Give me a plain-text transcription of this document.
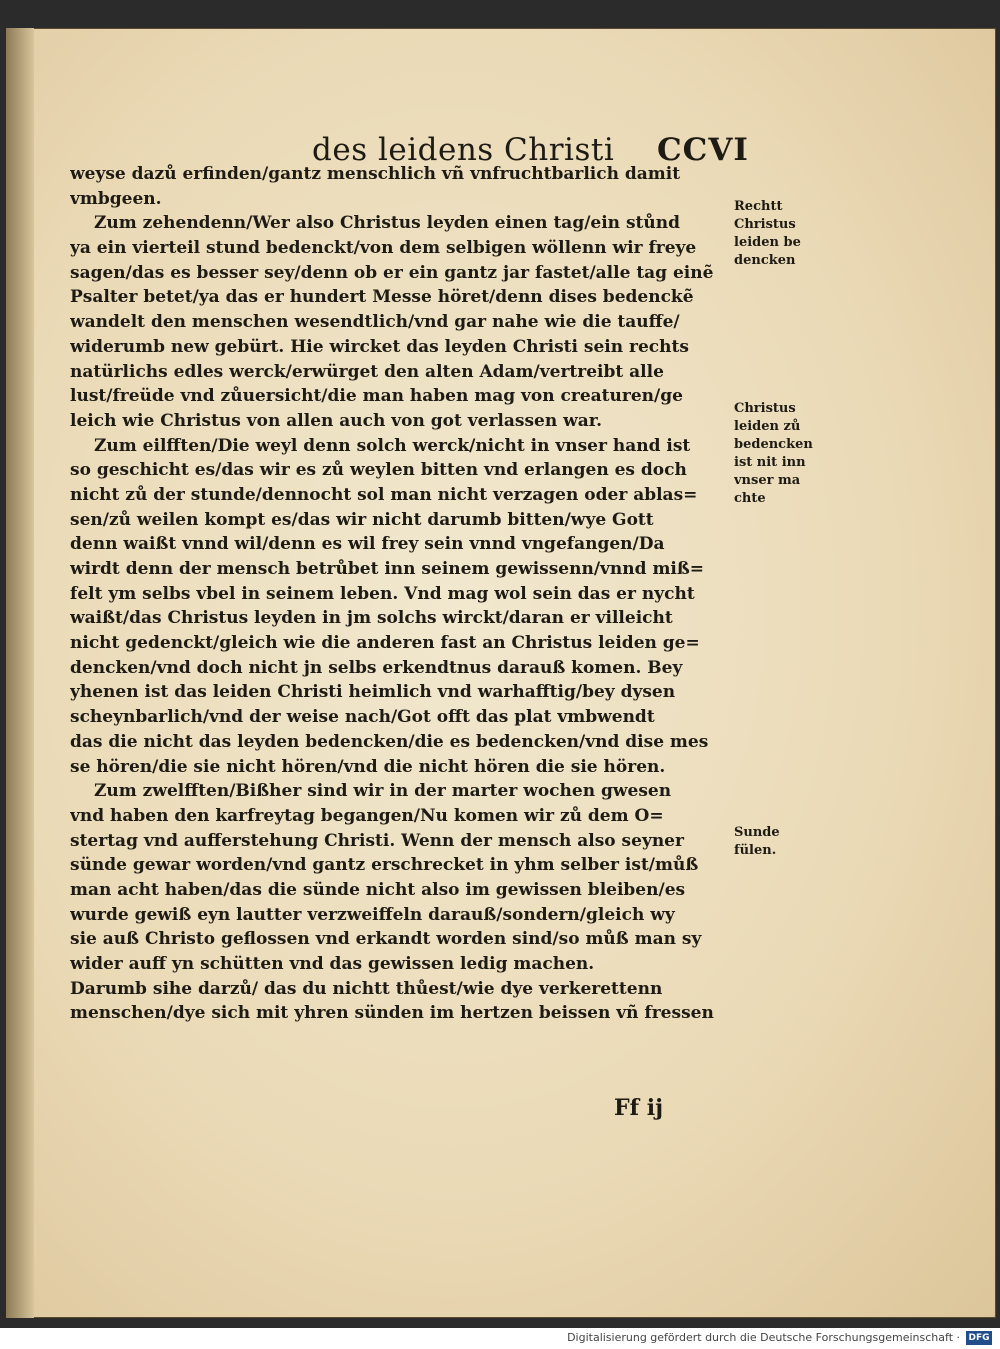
des leidens Christi CCVI
weyse dazů erfinden/gantz menschlich vñ vnfruchtbarlich damit
vmbgeen.
Zum zehendenn/Wer also Christus leyden einen tag/ein stůnd
ya ein vierteil stund bedenckt/von dem selbigen wöllenn wir freye
sagen/das es besser sey/denn ob er ein gantz jar fastet/alle tag einẽ
Psalter betet/ya das er hundert Messe höret/denn dises bedenckẽ
wandelt den menschen wesendtlich/vnd gar nahe wie die tauffe/
widerumb new gebürt. Hie wircket das leyden Christi sein rechts
natürlichs edles werck/erwürget den alten Adam/vertreibt alle
lust/freüde vnd zůuersicht/die man haben mag von creaturen/ge
leich wie Christus von allen auch von got verlassen war.
Zum eilfften/Die weyl denn solch werck/nicht in vnser hand ist
so geschicht es/das wir es zů weylen bitten vnd erlangen es doch
nicht zů der stunde/dennocht sol man nicht verzagen oder ablas=
sen/zů weilen kompt es/das wir nicht darumb bitten/wye Gott
denn waißt vnnd wil/denn es wil frey sein vnnd vngefangen/Da
wirdt denn der mensch betrůbet inn seinem gewissenn/vnnd miß=
felt ym selbs vbel in seinem leben. Vnd mag wol sein das er nycht
waißt/das Christus leyden in jm solchs wirckt/daran er villeicht
nicht gedenckt/gleich wie die anderen fast an Christus leiden ge=
dencken/vnd doch nicht jn selbs erkendtnus darauß komen. Bey
yhenen ist das leiden Christi heimlich vnd warhafftig/bey dysen
scheynbarlich/vnd der weise nach/Got offt das plat vmbwendt
das die nicht das leyden bedencken/die es bedencken/vnd dise mes
se hören/die sie nicht hören/vnd die nicht hören die sie hören.
Zum zwelfften/Bißher sind wir in der marter wochen gwesen
vnd haben den karfreytag begangen/Nu komen wir zů dem O=
stertag vnd aufferstehung Christi. Wenn der mensch also seyner
sünde gewar worden/vnd gantz erschrecket in yhm selber ist/můß
man acht haben/das die sünde nicht also im gewissen bleiben/es
wurde gewiß eyn lautter verzweiffeln darauß/sondern/gleich wy
sie auß Christo geflossen vnd erkandt worden sind/so můß man sy
wider auff yn schütten vnd das gewissen ledig machen.
Darumb sihe darzů/ das du nichtt thůest/wie dye verkerettenn
menschen/dye sich mit yhren sünden im hertzen beissen vñ fressen
Rechtt
Christus
leiden be
dencken
Christus
leiden zů
bedencken
ist nit inn
vnser ma
chte
Sunde
fülen.
Ff ij
Digitalisierung gefördert durch die Deutsche Forschungsgemeinschaft · DFG
